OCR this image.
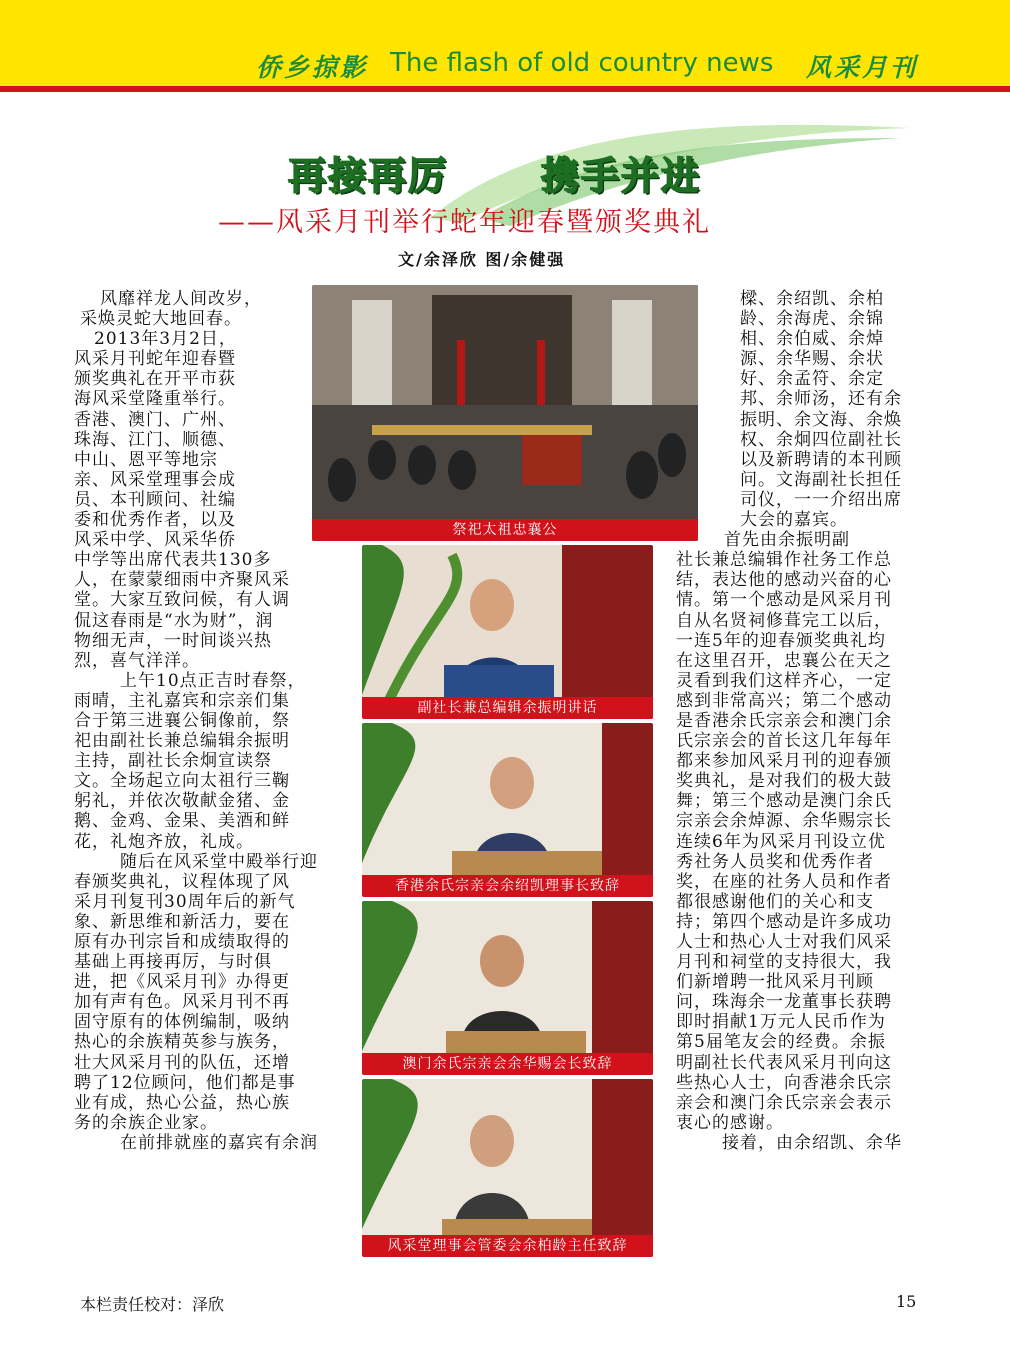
侨乡掠影 The flash of old country news 风采月刊
再接再厉 携手并进
——风采月刊举行蛇年迎春暨颁奖典礼
文/余泽欣 图/余健强

风靡祥龙人间改岁，

采焕灵蛇大地回春。

2013年3月2日，

风采月刊蛇年迎春暨

颁奖典礼在开平市荻

海风采堂隆重举行。

香港、澳门、广州、

珠海、江门、顺德、

中山、恩平等地宗

亲、风采堂理事会成

员、本刊顾问、社编

委和优秀作者，以及

风采中学、风采华侨

中学等出席代表共130多

人，在蒙蒙细雨中齐聚风采

堂。大家互致问候，有人调

侃这春雨是“水为财”，润

物细无声，一时间谈兴热

烈，喜气洋洋。

上午10点正吉时春祭，

雨晴，主礼嘉宾和宗亲们集

合于第三进襄公铜像前，祭

祀由副社长兼总编辑余振明

主持，副社长余炯宣读祭

文。全场起立向太祖行三鞠

躬礼，并依次敬献金猪、金

鹅、金鸡、金果、美酒和鲜

花，礼炮齐放，礼成。

随后在风采堂中殿举行迎

春颁奖典礼，议程体现了风

采月刊复刊30周年后的新气

象、新思维和新活力，要在

原有办刊宗旨和成绩取得的

基础上再接再厉，与时俱

进，把《风采月刊》办得更

加有声有色。风采月刊不再

固守原有的体例编制，吸纳

热心的余族精英参与族务，

壮大风采月刊的队伍，还增

聘了12位顾问，他们都是事

业有成，热心公益，热心族

务的余族企业家。

在前排就座的嘉宾有余润

樑、余绍凯、余柏

龄、余海虎、余锦

相、余伯威、余焯

源、余华赐、余状

好、余孟符、余定

邦、余师汤，还有余

振明、余文海、余焕

权、余炯四位副社长

以及新聘请的本刊顾

问。文海副社长担任

司仪，一一介绍出席

大会的嘉宾。

首先由余振明副

社长兼总编辑作社务工作总

结，表达他的感动兴奋的心

情。第一个感动是风采月刊

自从名贤祠修葺完工以后，

一连5年的迎春颁奖典礼均

在这里召开，忠襄公在天之

灵看到我们这样齐心，一定

感到非常高兴；第二个感动

是香港余氏宗亲会和澳门余

氏宗亲会的首长这几年每年

都来参加风采月刊的迎春颁

奖典礼，是对我们的极大鼓

舞；第三个感动是澳门余氏

宗亲会余焯源、余华赐宗长

连续6年为风采月刊设立优

秀社务人员奖和优秀作者

奖，在座的社务人员和作者

都很感谢他们的关心和支

持；第四个感动是许多成功

人士和热心人士对我们风采

月刊和祠堂的支持很大，我

们新增聘一批风采月刊顾

问，珠海余一龙董事长获聘

即时捐献1万元人民币作为

第5届笔友会的经费。余振

明副社长代表风采月刊向这

些热心人士，向香港余氏宗

亲会和澳门余氏宗亲会表示

衷心的感谢。

接着，由余绍凯、余华

祭祀太祖忠襄公
副社长兼总编辑余振明讲话
香港余氏宗亲会余绍凯理事长致辞
澳门余氏宗亲会余华赐会长致辞
风采堂理事会管委会余柏龄主任致辞
本栏责任校对：泽欣	15
